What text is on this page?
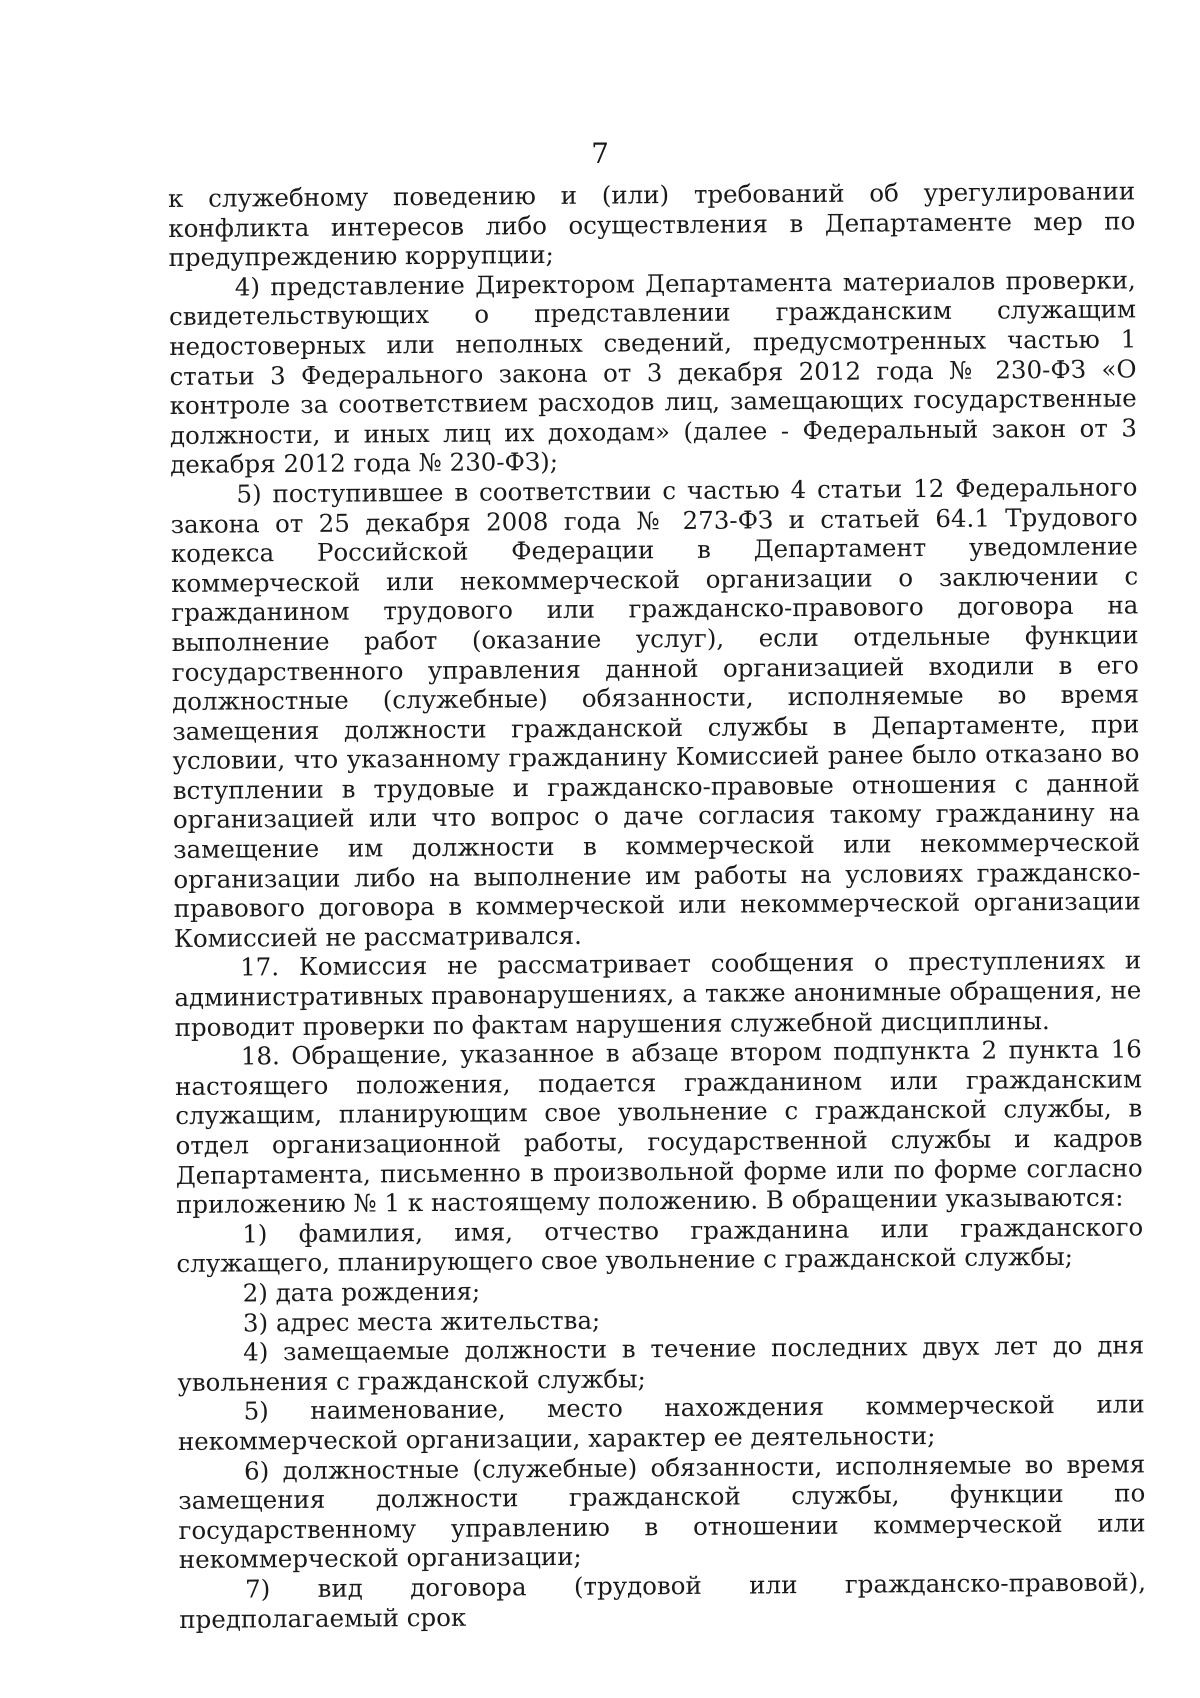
7

к служебному поведению и (или) требований об урегулировании конфликта интересов либо осуществления в Департаменте мер по предупреждению коррупции;

4) представление Директором Департамента материалов проверки, свидетельствующих о представлении гражданским служащим недостоверных или неполных сведений, предусмотренных частью 1 статьи 3 Федерального закона от 3 декабря 2012 года № 230-ФЗ «О контроле за соответствием расходов лиц, замещающих государственные должности, и иных лиц их доходам» (далее - Федеральный закон от 3 декабря 2012 года № 230-ФЗ);

5) поступившее в соответствии с частью 4 статьи 12 Федерального закона от 25 декабря 2008 года № 273-ФЗ и статьей 64.1 Трудового кодекса Российской Федерации в Департамент уведомление коммерческой или некоммерческой организации о заключении с гражданином трудового или гражданско-правового договора на выполнение работ (оказание услуг), если отдельные функции государственного управления данной организацией входили в его должностные (служебные) обязанности, исполняемые во время замещения должности гражданской службы в Департаменте, при условии, что указанному гражданину Комиссией ранее было отказано во вступлении в трудовые и гражданско-правовые отношения с данной организацией или что вопрос о даче согласия такому гражданину на замещение им должности в коммерческой или некоммерческой организации либо на выполнение им работы на условиях гражданско-правового договора в коммерческой или некоммерческой организации Комиссией не рассматривался.

17. Комиссия не рассматривает сообщения о преступлениях и административных правонарушениях, а также анонимные обращения, не проводит проверки по фактам нарушения служебной дисциплины.

18. Обращение, указанное в абзаце втором подпункта 2 пункта 16 настоящего положения, подается гражданином или гражданским служащим, планирующим свое увольнение с гражданской службы, в отдел организационной работы, государственной службы и кадров Департамента, письменно в произвольной форме или по форме согласно приложению № 1 к настоящему положению. В обращении указываются:

1) фамилия, имя, отчество гражданина или гражданского служащего, планирующего свое увольнение с гражданской службы;

2) дата рождения;

3) адрес места жительства;

4) замещаемые должности в течение последних двух лет до дня увольнения с гражданской службы;

5) наименование, место нахождения коммерческой или некоммерческой организации, характер ее деятельности;

6) должностные (служебные) обязанности, исполняемые во время замещения должности гражданской службы, функции по государственному управлению в отношении коммерческой или некоммерческой организации;

7) вид договора (трудовой или гражданско-правовой), предполагаемый срок
